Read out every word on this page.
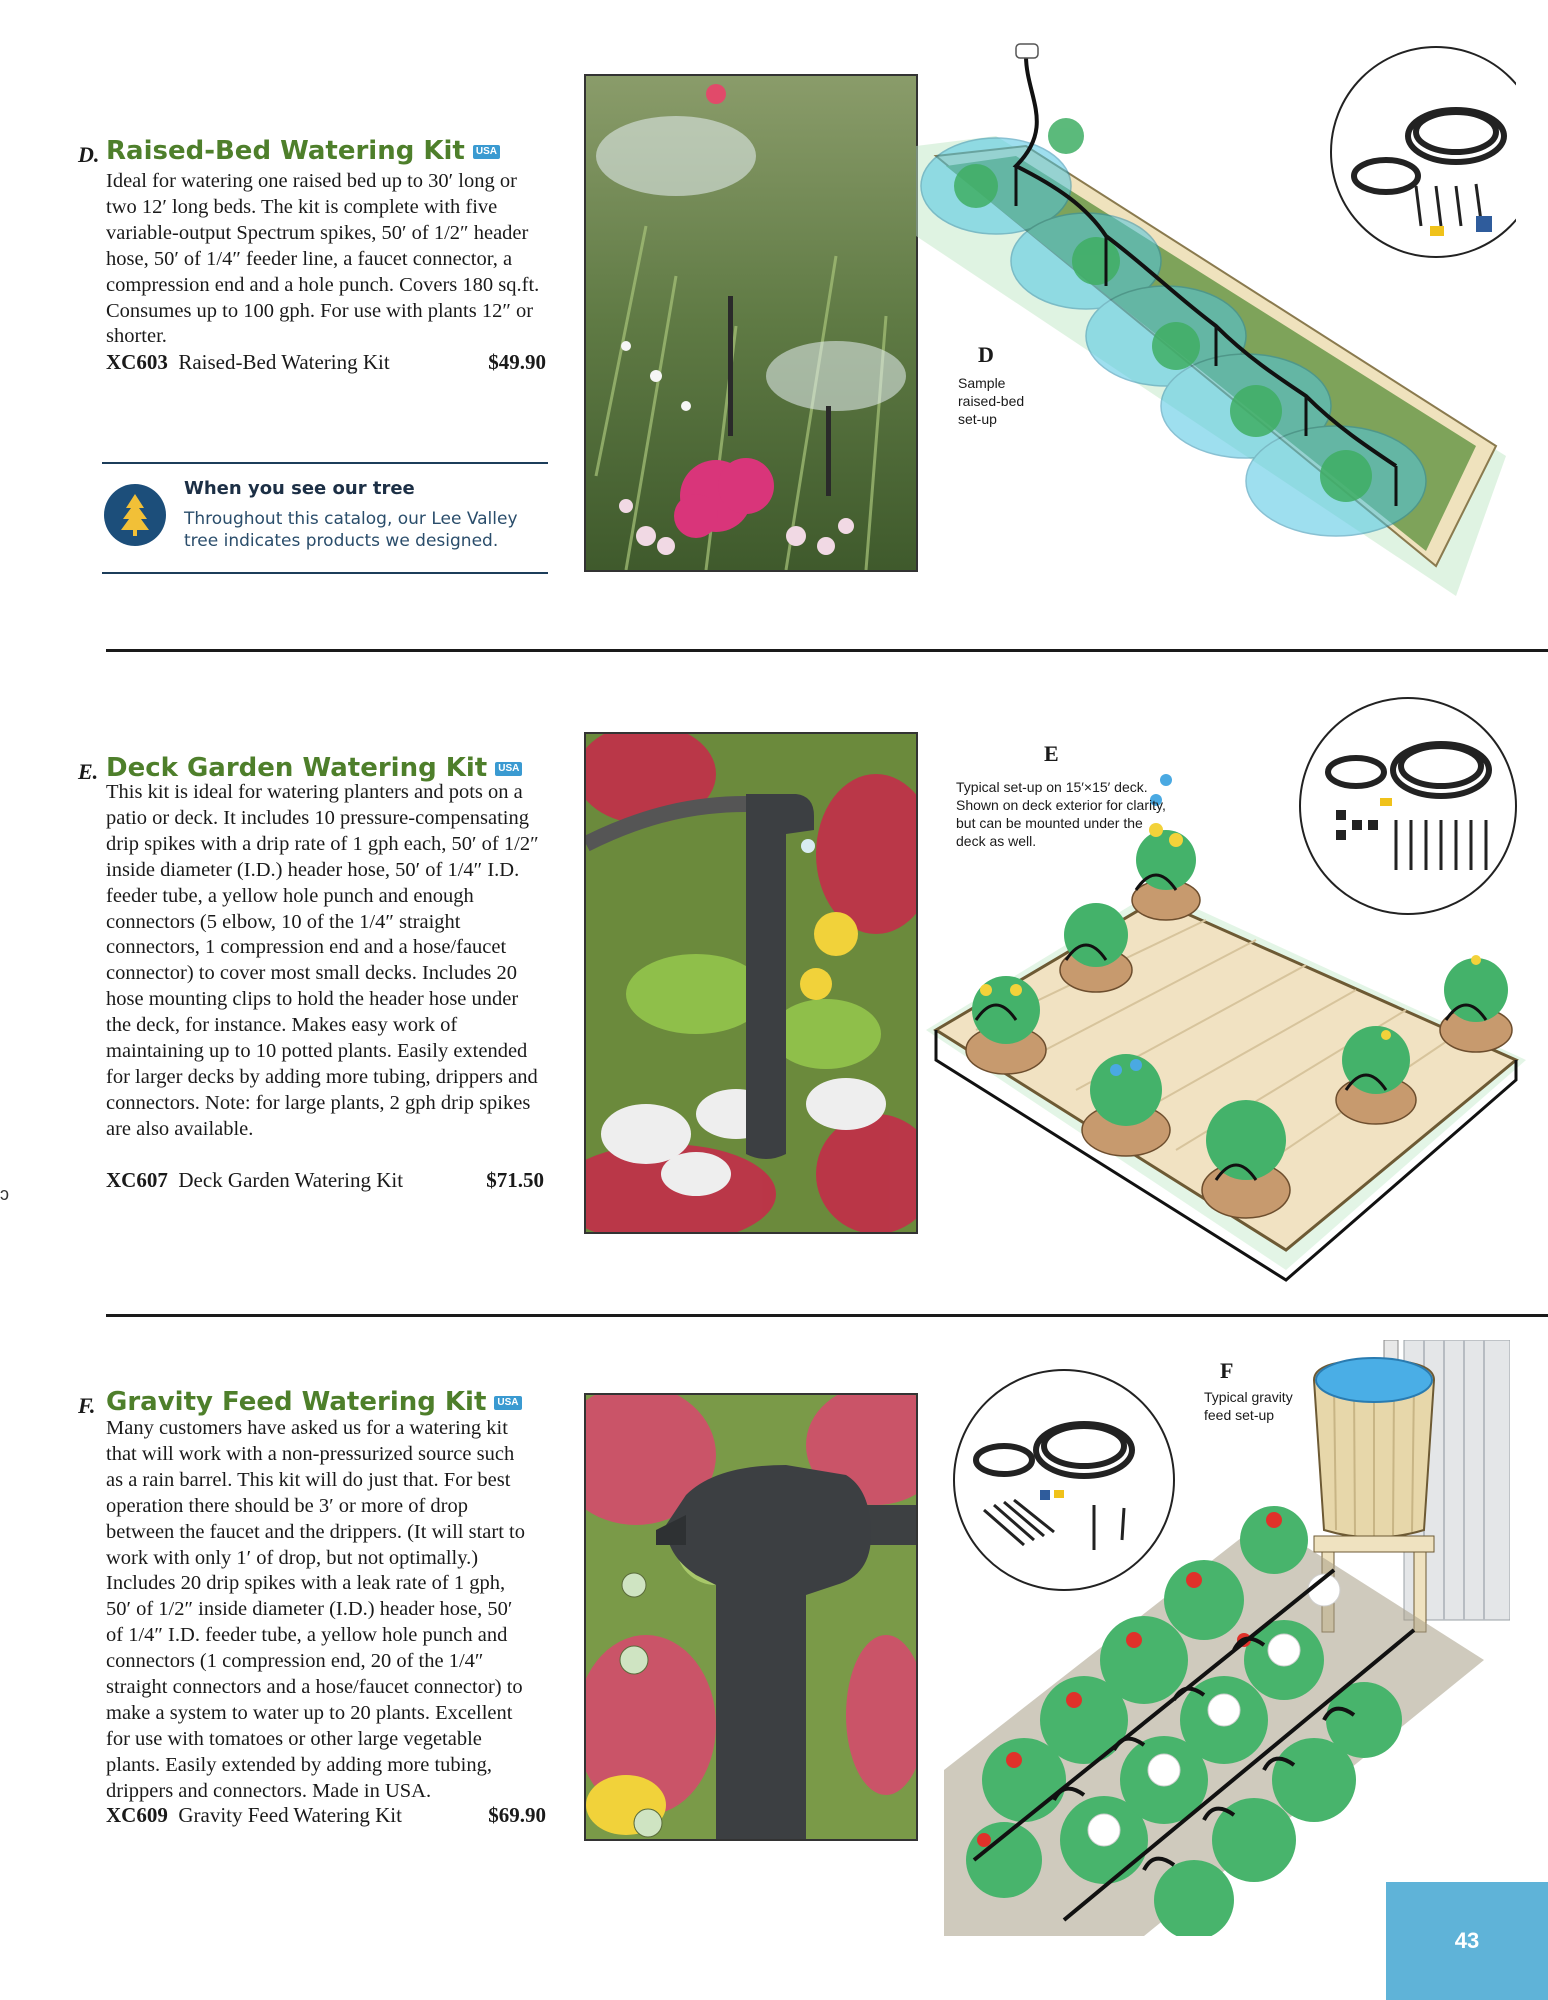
D. Raised-Bed Watering Kit USA
Ideal for watering one raised bed up to 30′ long or two 12′ long beds. The kit is complete with five variable-output Spectrum spikes, 50′ of 1/2″ header hose, 50′ of 1/4″ feeder line, a faucet connector, a compression end and a hole punch. Covers 180 sq.ft. Consumes up to 100 gph. For use with plants 12″ or shorter.
XC603 Raised-Bed Watering Kit	$49.90
When you see our tree
Throughout this catalog, our Lee Valley tree indicates products we designed.
D
Sample raised-bed set-up
E. Deck Garden Watering Kit USA
This kit is ideal for watering planters and pots on a patio or deck. It includes 10 pressure-compensating drip spikes with a drip rate of 1 gph each, 50′ of 1/2″ inside diameter (I.D.) header hose, 50′ of 1/4″ I.D. feeder tube, a yellow hole punch and enough connectors (5 elbow, 10 of the 1/4″ straight connectors, 1 compression end and a hose/faucet connector) to cover most small decks. Includes 20 hose mounting clips to hold the header hose under the deck, for instance. Makes easy work of maintaining up to 10 potted plants. Easily extended for larger decks by adding more tubing, drippers and connectors. Note: for large plants, 2 gph drip spikes are also available.
XC607 Deck Garden Watering Kit	$71.50
E
Typical set-up on 15′×15′ deck. Shown on deck exterior for clarity, but can be mounted under the deck as well.
F. Gravity Feed Watering Kit USA
Many customers have asked us for a watering kit that will work with a non-pressurized source such as a rain barrel. This kit will do just that. For best operation there should be 3′ or more of drop between the faucet and the drippers. (It will start to work with only 1′ of drop, but not optimally.) Includes 20 drip spikes with a leak rate of 1 gph, 50′ of 1/2″ inside diameter (I.D.) header hose, 50′ of 1/4″ I.D. feeder tube, a yellow hole punch and connectors (1 compression end, 20 of the 1/4″ straight connectors and a hose/faucet connector) to make a system to water up to 20 plants. Excellent for use with tomatoes or other large vegetable plants. Easily extended by adding more tubing, drippers and connectors. Made in USA.
XC609 Gravity Feed Watering Kit	$69.90
F
Typical gravity feed set-up
ↄ
43
